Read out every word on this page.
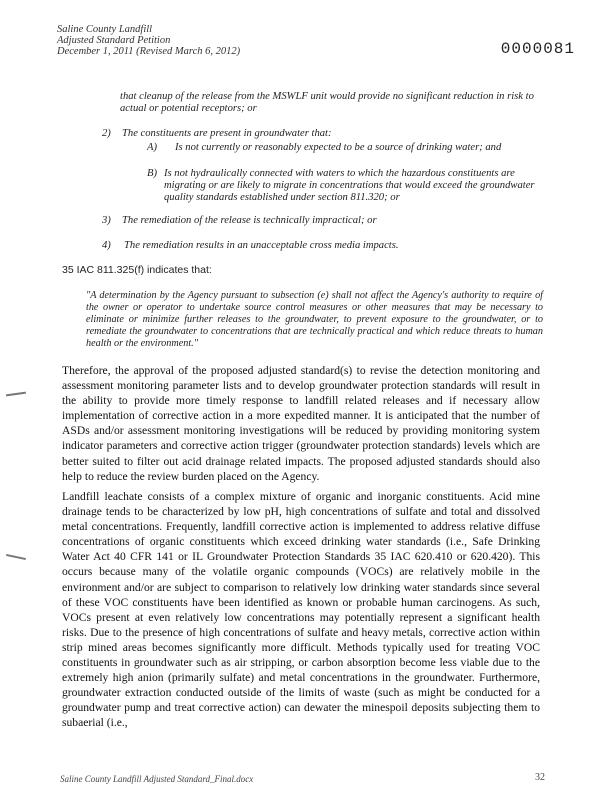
Saline County Landfill
Adjusted Standard Petition
December 1, 2011 (Revised March 6, 2012)	0000081
that cleanup of the release from the MSWLF unit would provide no significant reduction in risk to actual or potential receptors; or
2) The constituents are present in groundwater that:
A) Is not currently or reasonably expected to be a source of drinking water; and
B) Is not hydraulically connected with waters to which the hazardous constituents are migrating or are likely to migrate in concentrations that would exceed the groundwater quality standards established under section 811.320; or
3) The remediation of the release is technically impractical; or
4) The remediation results in an unacceptable cross media impacts.
35 IAC 811.325(f) indicates that:
"A determination by the Agency pursuant to subsection (e) shall not affect the Agency's authority to require of the owner or operator to undertake source control measures or other measures that may be necessary to eliminate or minimize further releases to the groundwater, to prevent exposure to the groundwater, or to remediate the groundwater to concentrations that are technically practical and which reduce threats to human health or the environment."
Therefore, the approval of the proposed adjusted standard(s) to revise the detection monitoring and assessment monitoring parameter lists and to develop groundwater protection standards will result in the ability to provide more timely response to landfill related releases and if necessary allow implementation of corrective action in a more expedited manner. It is anticipated that the number of ASDs and/or assessment monitoring investigations will be reduced by providing monitoring system indicator parameters and corrective action trigger (groundwater protection standards) levels which are better suited to filter out acid drainage related impacts. The proposed adjusted standards should also help to reduce the review burden placed on the Agency.
Landfill leachate consists of a complex mixture of organic and inorganic constituents. Acid mine drainage tends to be characterized by low pH, high concentrations of sulfate and total and dissolved metal concentrations. Frequently, landfill corrective action is implemented to address relative diffuse concentrations of organic constituents which exceed drinking water standards (i.e., Safe Drinking Water Act 40 CFR 141 or IL Groundwater Protection Standards 35 IAC 620.410 or 620.420). This occurs because many of the volatile organic compounds (VOCs) are relatively mobile in the environment and/or are subject to comparison to relatively low drinking water standards since several of these VOC constituents have been identified as known or probable human carcinogens. As such, VOCs present at even relatively low concentrations may potentially represent a significant health risks. Due to the presence of high concentrations of sulfate and heavy metals, corrective action within strip mined areas becomes significantly more difficult. Methods typically used for treating VOC constituents in groundwater such as air stripping, or carbon absorption become less viable due to the extremely high anion (primarily sulfate) and metal concentrations in the groundwater. Furthermore, groundwater extraction conducted outside of the limits of waste (such as might be conducted for a groundwater pump and treat corrective action) can dewater the minespoil deposits subjecting them to subaerial (i.e.,
Saline County Landfill Adjusted Standard_Final.docx	32
